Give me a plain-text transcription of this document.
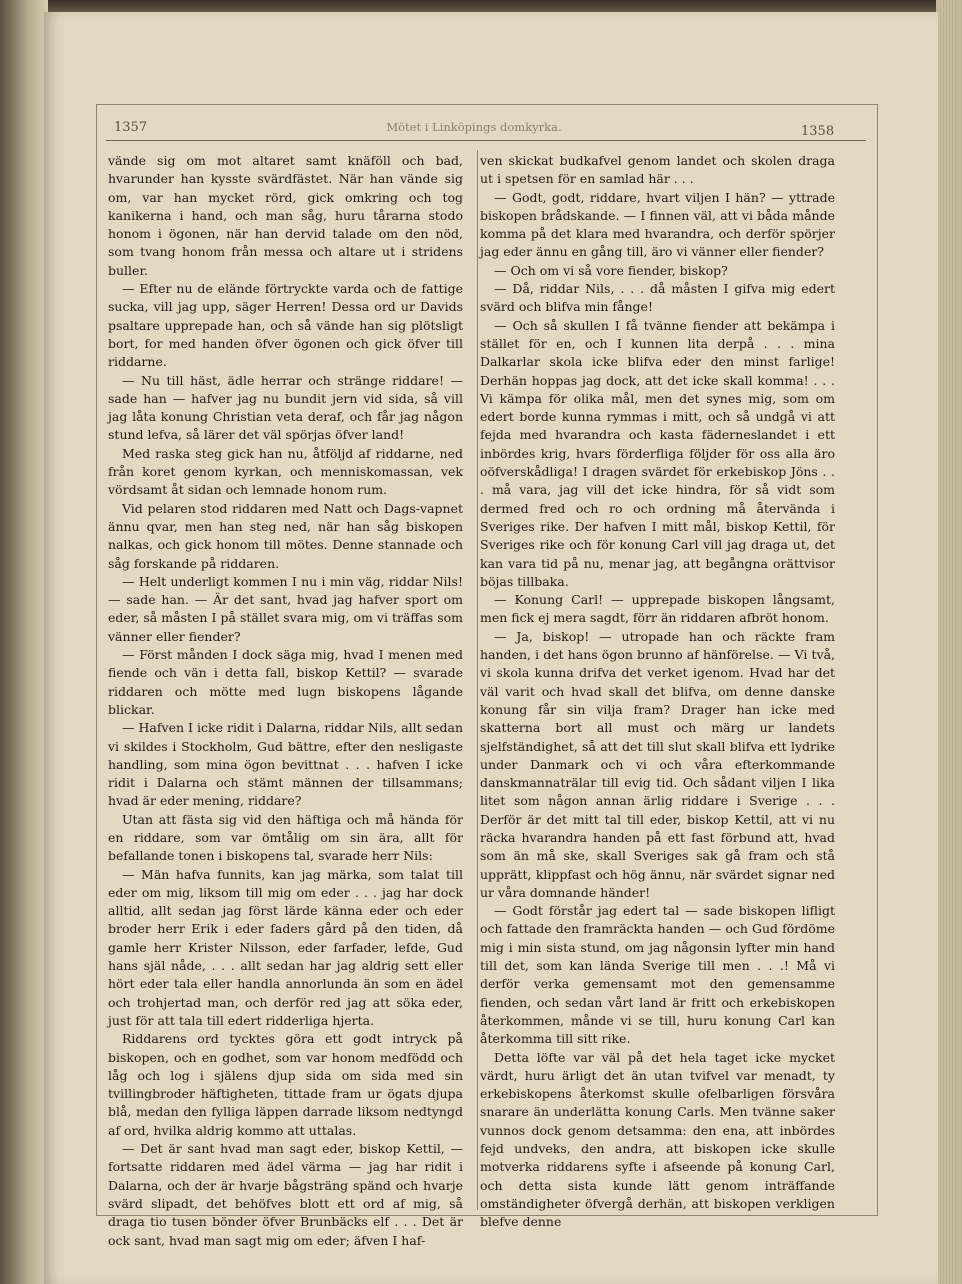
1357	Mötet i Linköpings domkyrka.	1358

vände sig om mot altaret samt knäföll och bad, hvarunder han kysste svärdfästet. När han vände sig om, var han mycket rörd, gick omkring och tog kanikerna i hand, och man såg, huru tårarna stodo honom i ögonen, när han dervid talade om den nöd, som tvang honom från messa och altare ut i stridens buller.

— Efter nu de elände förtryckte varda och de fattige sucka, vill jag upp, säger Herren! Dessa ord ur Davids psaltare upprepade han, och så vände han sig plötsligt bort, for med handen öfver ögonen och gick öfver till riddarne.

— Nu till häst, ädle herrar och stränge riddare! — sade han — hafver jag nu bundit jern vid sida, så vill jag låta konung Christian veta deraf, och får jag någon stund lefva, så lärer det väl spörjas öfver land!

Med raska steg gick han nu, åtföljd af riddarne, ned från koret genom kyrkan, och menniskomassan, vek vördsamt åt sidan och lemnade honom rum.

Vid pelaren stod riddaren med Natt och Dags-vapnet ännu qvar, men han steg ned, när han såg biskopen nalkas, och gick honom till mötes. Denne stannade och såg forskande på riddaren.

— Helt underligt kommen I nu i min väg, riddar Nils! — sade han. — Är det sant, hvad jag hafver sport om eder, så måsten I på stället svara mig, om vi träffas som vänner eller fiender?

— Först månden I dock säga mig, hvad I menen med fiende och vän i detta fall, biskop Kettil? — svarade riddaren och mötte med lugn biskopens lågande blickar.

— Hafven I icke ridit i Dalarna, riddar Nils, allt sedan vi skildes i Stockholm, Gud bättre, efter den nesligaste handling, som mina ögon bevittnat . . . hafven I icke ridit i Dalarna och stämt männen der tillsammans; hvad är eder mening, riddare?

Utan att fästa sig vid den häftiga och må hända för en riddare, som var ömtålig om sin ära, allt för befallande tonen i biskopens tal, svarade herr Nils:

— Män hafva funnits, kan jag märka, som talat till eder om mig, liksom till mig om eder . . . jag har dock alltid, allt sedan jag först lärde känna eder och eder broder herr Erik i eder faders gård på den tiden, då gamle herr Krister Nilsson, eder farfader, lefde, Gud hans själ nåde, . . . allt sedan har jag aldrig sett eller hört eder tala eller handla annorlunda än som en ädel och trohjertad man, och derför red jag att söka eder, just för att tala till edert ridderliga hjerta.

Riddarens ord tycktes göra ett godt intryck på biskopen, och en godhet, som var honom medfödd och låg och log i själens djup sida om sida med sin tvillingbroder häftigheten, tittade fram ur ögats djupa blå, medan den fylliga läppen darrade liksom nedtyngd af ord, hvilka aldrig kommo att uttalas.

— Det är sant hvad man sagt eder, biskop Kettil, — fortsatte riddaren med ädel värma — jag har ridit i Dalarna, och der är hvarje bågsträng spänd och hvarje svärd slipadt, det behöfves blott ett ord af mig, så draga tio tusen bönder öfver Brunbäcks elf . . . Det är ock sant, hvad man sagt mig om eder; äfven I haf-

ven skickat budkafvel genom landet och skolen draga ut i spetsen för en samlad här . . .

— Godt, godt, riddare, hvart viljen I hän? — yttrade biskopen brådskande. — I finnen väl, att vi båda månde komma på det klara med hvarandra, och derför spörjer jag eder ännu en gång till, äro vi vänner eller fiender?

— Och om vi så vore fiender, biskop?

— Då, riddar Nils, . . . då måsten I gifva mig edert svärd och blifva min fånge!

— Och så skullen I få tvänne fiender att bekämpa i stället för en, och I kunnen lita derpå . . . mina Dalkarlar skola icke blifva eder den minst farlige! Derhän hoppas jag dock, att det icke skall komma! . . . Vi kämpa för olika mål, men det synes mig, som om edert borde kunna rymmas i mitt, och så undgå vi att fejda med hvarandra och kasta fäderneslandet i ett inbördes krig, hvars förderfliga följder för oss alla äro oöfverskådliga! I dragen svärdet för erkebiskop Jöns . . . må vara, jag vill det icke hindra, för så vidt som dermed fred och ro och ordning må återvända i Sveriges rike. Der hafven I mitt mål, biskop Kettil, för Sveriges rike och för konung Carl vill jag draga ut, det kan vara tid på nu, menar jag, att begångna orättvisor böjas tillbaka.

— Konung Carl! — upprepade biskopen långsamt, men fick ej mera sagdt, förr än riddaren afbröt honom.

— Ja, biskop! — utropade han och räckte fram handen, i det hans ögon brunno af hänförelse. — Vi två, vi skola kunna drifva det verket igenom. Hvad har det väl varit och hvad skall det blifva, om denne danske konung får sin vilja fram? Drager han icke med skatterna bort all must och märg ur landets sjelfständighet, så att det till slut skall blifva ett lydrike under Danmark och vi och våra efterkommande danskmannaträlar till evig tid. Och sådant viljen I lika litet som någon annan ärlig riddare i Sverige . . . Derför är det mitt tal till eder, biskop Kettil, att vi nu räcka hvarandra handen på ett fast förbund att, hvad som än må ske, skall Sveriges sak gå fram och stå upprätt, klippfast och hög ännu, när svärdet signar ned ur våra domnande händer!

— Godt förstår jag edert tal — sade biskopen lifligt och fattade den framräckta handen — och Gud fördöme mig i min sista stund, om jag någonsin lyfter min hand till det, som kan lända Sverige till men . . .! Må vi derför verka gemensamt mot den gemensamme fienden, och sedan vårt land är fritt och erkebiskopen återkommen, månde vi se till, huru konung Carl kan återkomma till sitt rike.

Detta löfte var väl på det hela taget icke mycket värdt, huru ärligt det än utan tvifvel var menadt, ty erkebiskopens återkomst skulle ofelbarligen försvåra snarare än underlätta konung Carls. Men tvänne saker vunnos dock genom detsamma: den ena, att inbördes fejd undveks, den andra, att biskopen icke skulle motverka riddarens syfte i afseende på konung Carl, och detta sista kunde lätt genom inträffande omständigheter öfvergå derhän, att biskopen verkligen blefve denne
